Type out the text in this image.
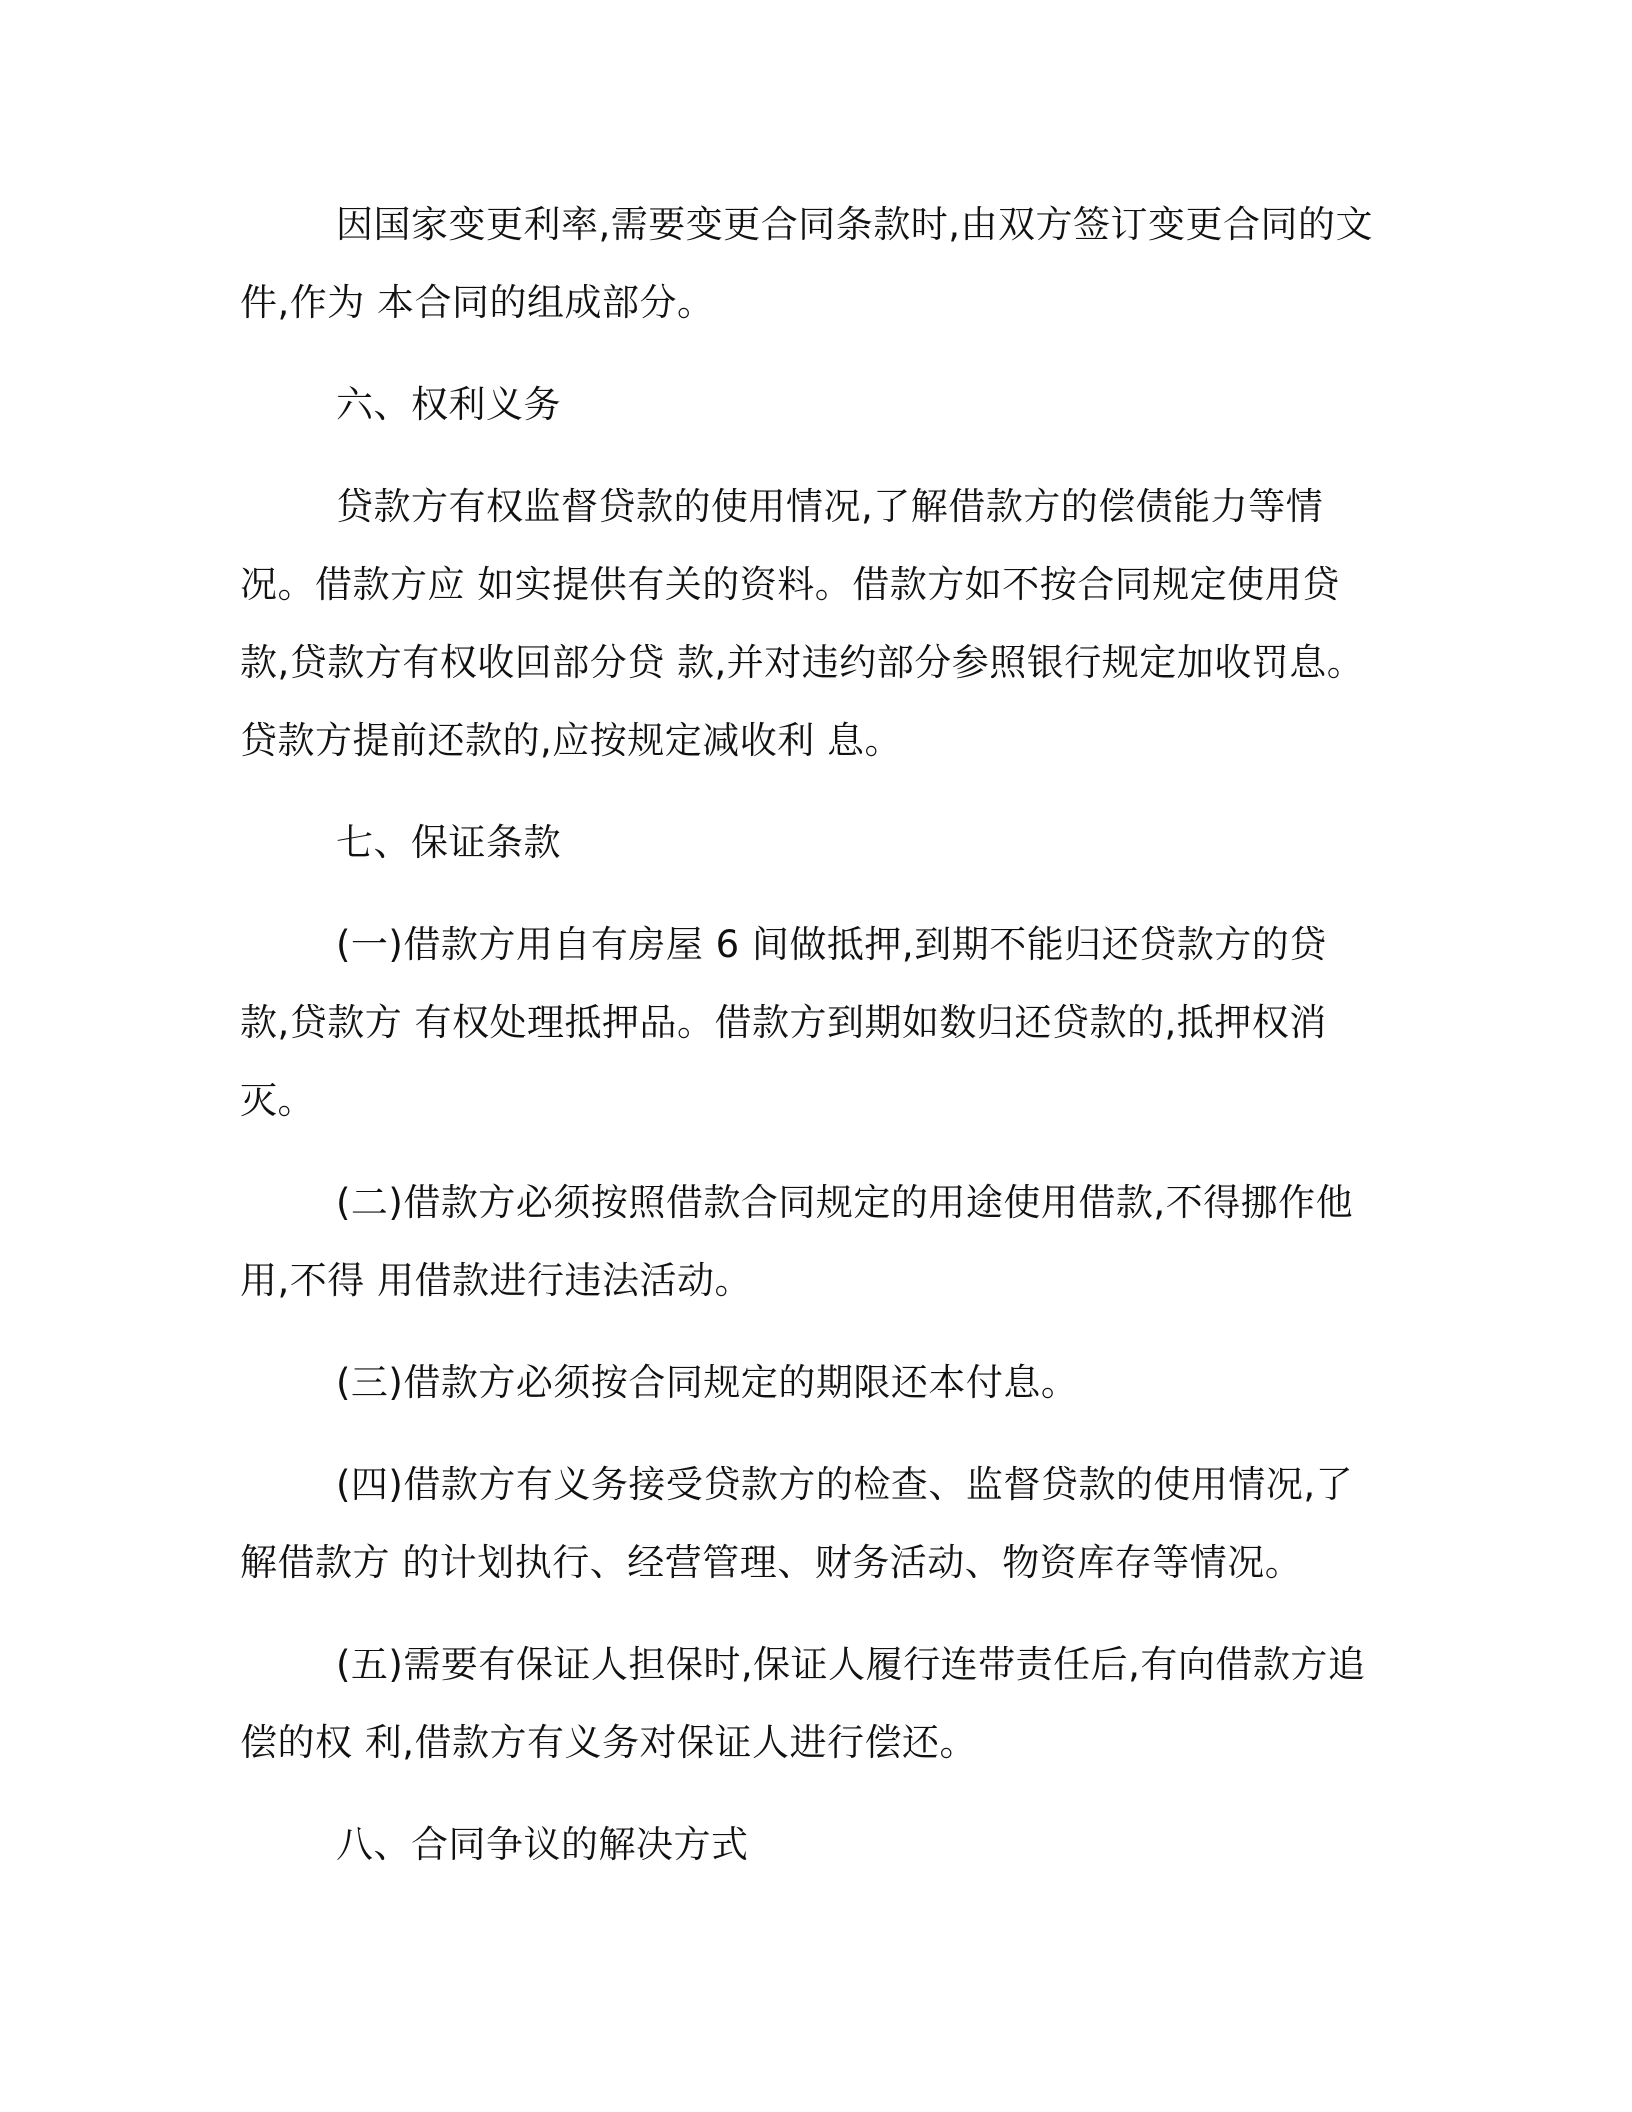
因国家变更利率,需要变更合同条款时,由双方签订变更合同的文件,作为 本合同的组成部分。

六、权利义务

贷款方有权监督贷款的使用情况,了解借款方的偿债能力等情况。借款方应 如实提供有关的资料。借款方如不按合同规定使用贷款,贷款方有权收回部分贷 款,并对违约部分参照银行规定加收罚息。贷款方提前还款的,应按规定减收利 息。

七、保证条款

(一)借款方用自有房屋 6 间做抵押,到期不能归还贷款方的贷款,贷款方 有权处理抵押品。借款方到期如数归还贷款的,抵押权消灭。

(二)借款方必须按照借款合同规定的用途使用借款,不得挪作他用,不得 用借款进行违法活动。

(三)借款方必须按合同规定的期限还本付息。

(四)借款方有义务接受贷款方的检查、监督贷款的使用情况,了解借款方 的计划执行、经营管理、财务活动、物资库存等情况。

(五)需要有保证人担保时,保证人履行连带责任后,有向借款方追偿的权 利,借款方有义务对保证人进行偿还。

八、合同争议的解决方式
